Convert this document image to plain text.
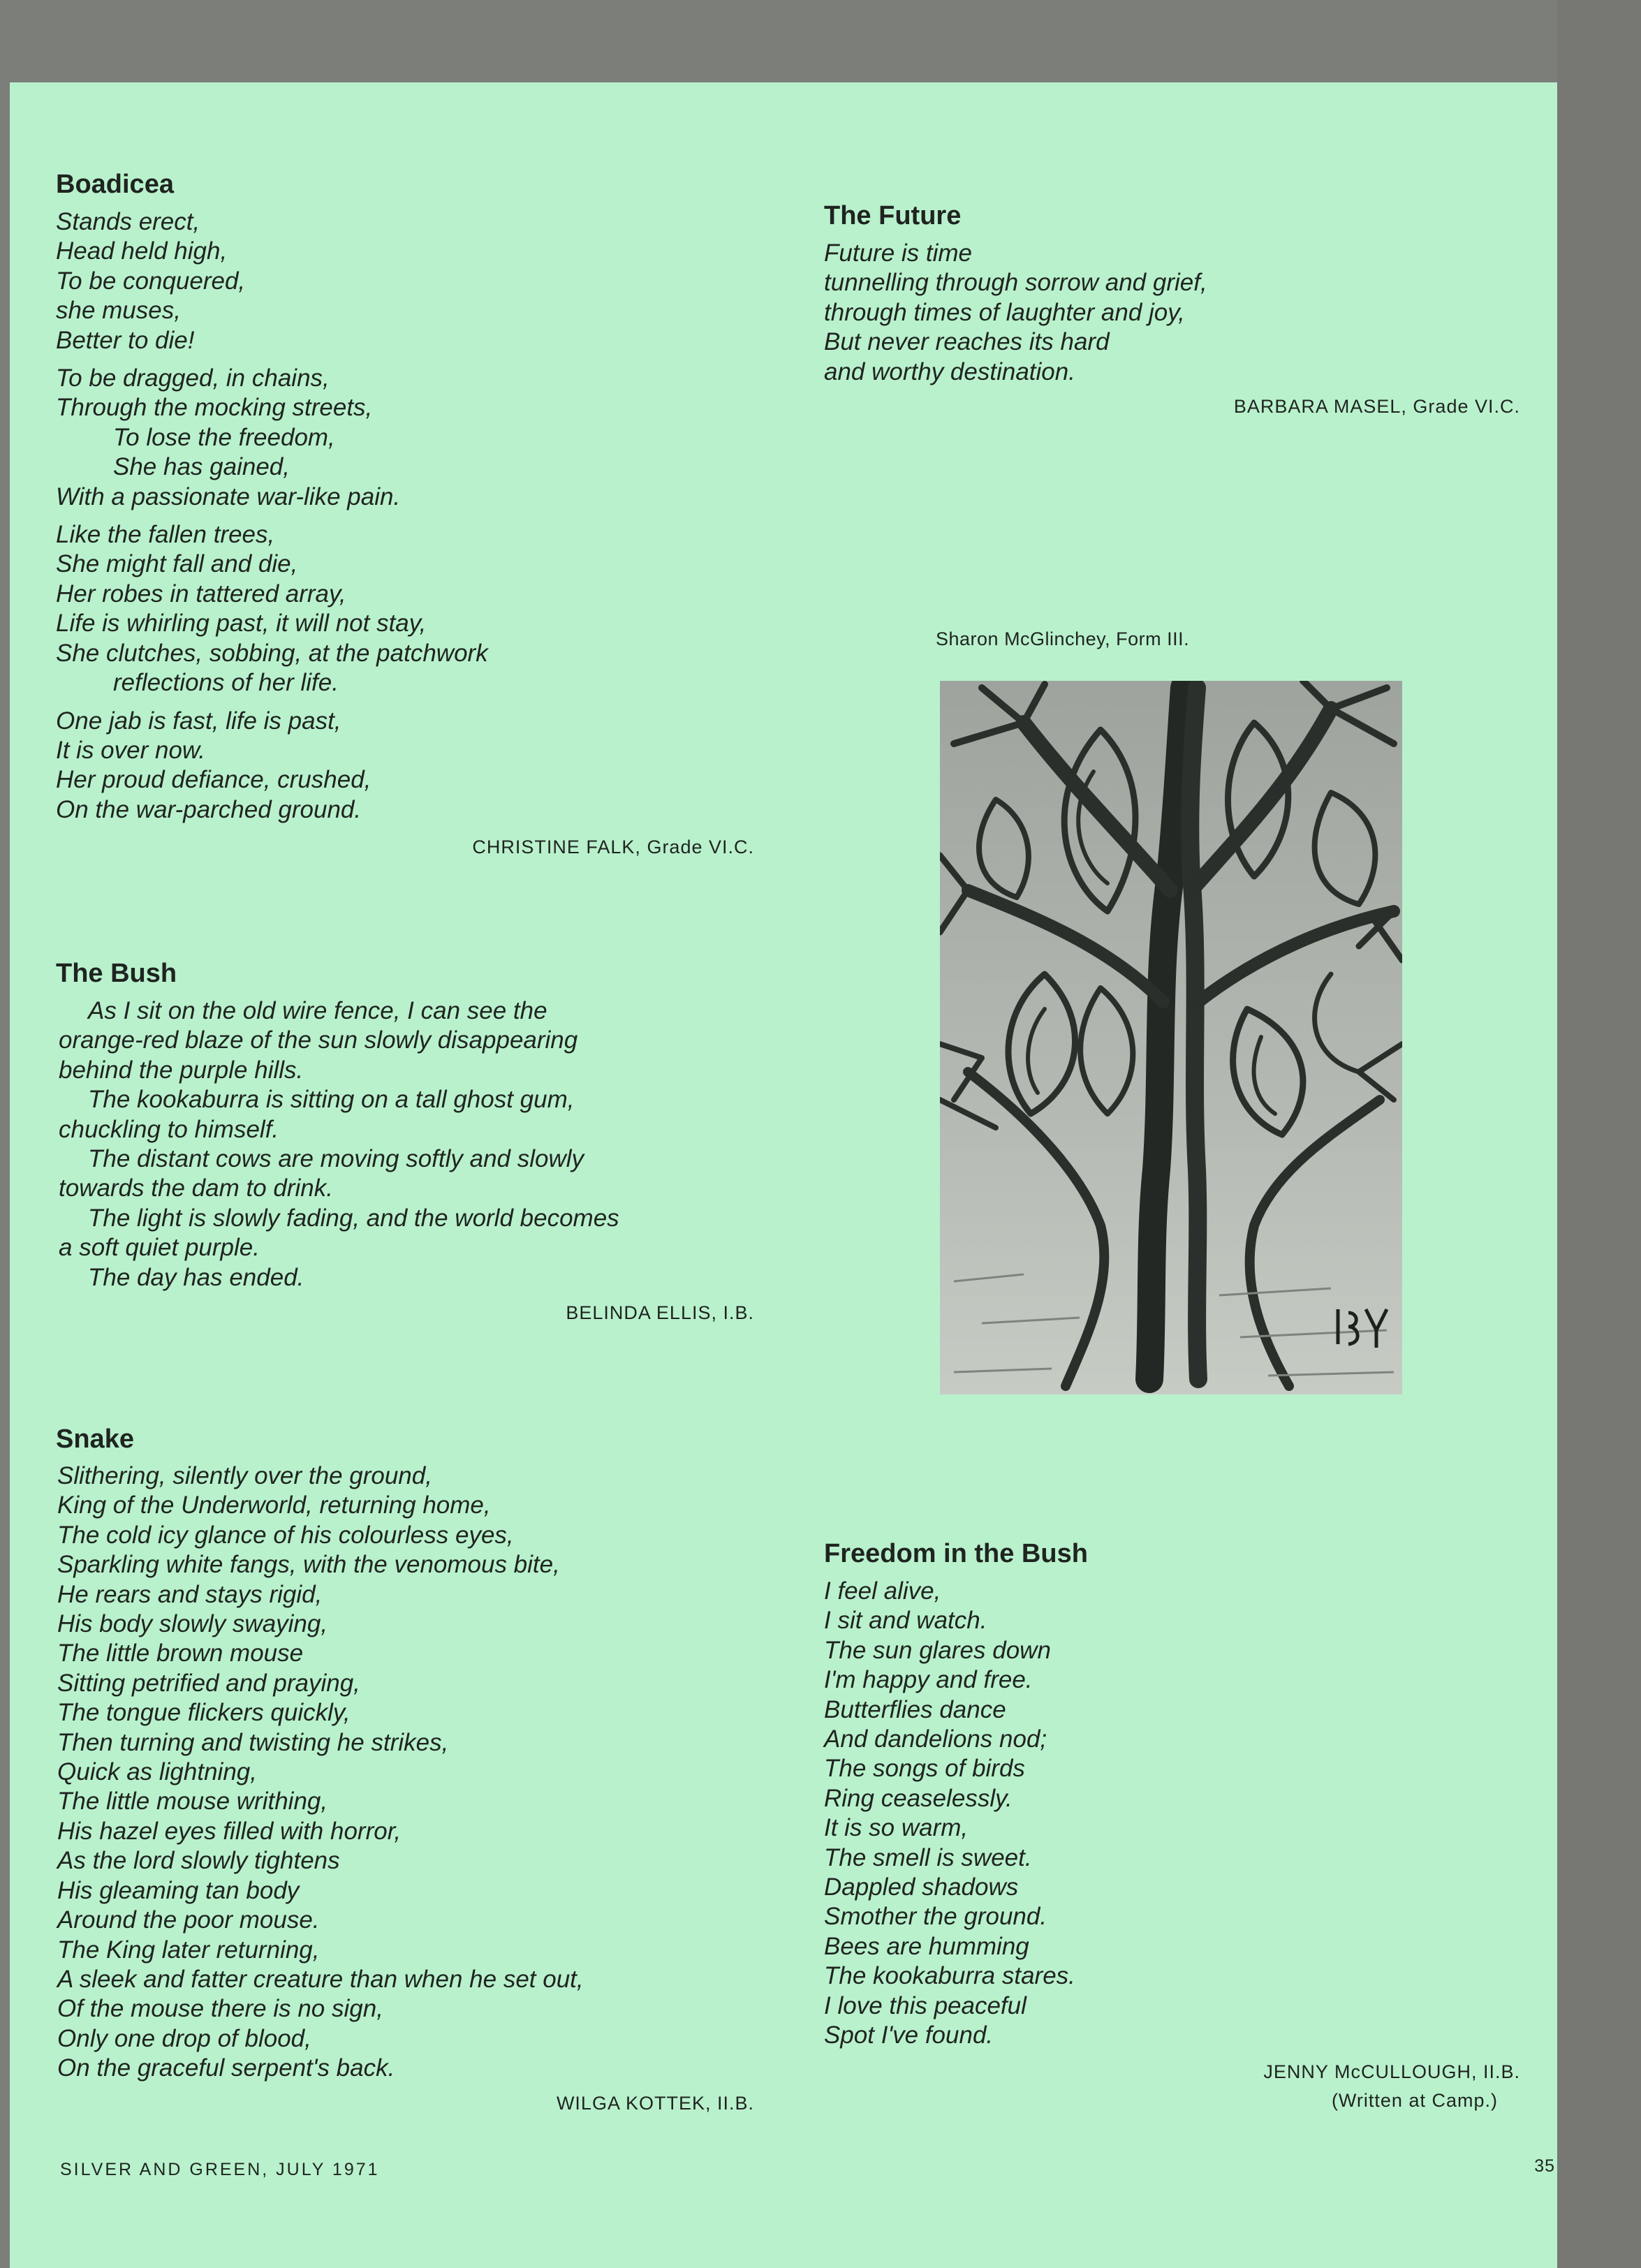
Boadicea
Stands erect,
Head held high,
To be conquered,
she muses,
Better to die!
To be dragged, in chains,
Through the mocking streets,
To lose the freedom,
She has gained,
With a passionate war-like pain.
Like the fallen trees,
She might fall and die,
Her robes in tattered array,
Life is whirling past, it will not stay,
She clutches, sobbing, at the patchwork
reflections of her life.
One jab is fast, life is past,
It is over now.
Her proud defiance, crushed,
On the war-parched ground.

CHRISTINE FALK, Grade VI.C.

The Bush
As I sit on the old wire fence, I can see the
orange-red blaze of the sun slowly disappearing
behind the purple hills.
The kookaburra is sitting on a tall ghost gum,
chuckling to himself.
The distant cows are moving softly and slowly
towards the dam to drink.
The light is slowly fading, and the world becomes
a soft quiet purple.
The day has ended.

BELINDA ELLIS, I.B.

Snake
Slithering, silently over the ground,
King of the Underworld, returning home,
The cold icy glance of his colourless eyes,
Sparkling white fangs, with the venomous bite,
He rears and stays rigid,
His body slowly swaying,
The little brown mouse
Sitting petrified and praying,
The tongue flickers quickly,
Then turning and twisting he strikes,
Quick as lightning,
The little mouse writhing,
His hazel eyes filled with horror,
As the lord slowly tightens
His gleaming tan body
Around the poor mouse.
The King later returning,
A sleek and fatter creature than when he set out,
Of the mouse there is no sign,
Only one drop of blood,
On the graceful serpent's back.

WILGA KOTTEK, II.B.

The Future
Future is time
tunnelling through sorrow and grief,
through times of laughter and joy,
But never reaches its hard
and worthy destination.

BARBARA MASEL, Grade VI.C.

Sharon McGlinchey, Form III.

Freedom in the Bush
I feel alive,
I sit and watch.
The sun glares down
I'm happy and free.
Butterflies dance
And dandelions nod;
The songs of birds
Ring ceaselessly.
It is so warm,
The smell is sweet.
Dappled shadows
Smother the ground.
Bees are humming
The kookaburra stares.
I love this peaceful
Spot I've found.

JENNY McCULLOUGH, II.B.

(Written at Camp.)

SILVER AND GREEN, JULY 1971	35
